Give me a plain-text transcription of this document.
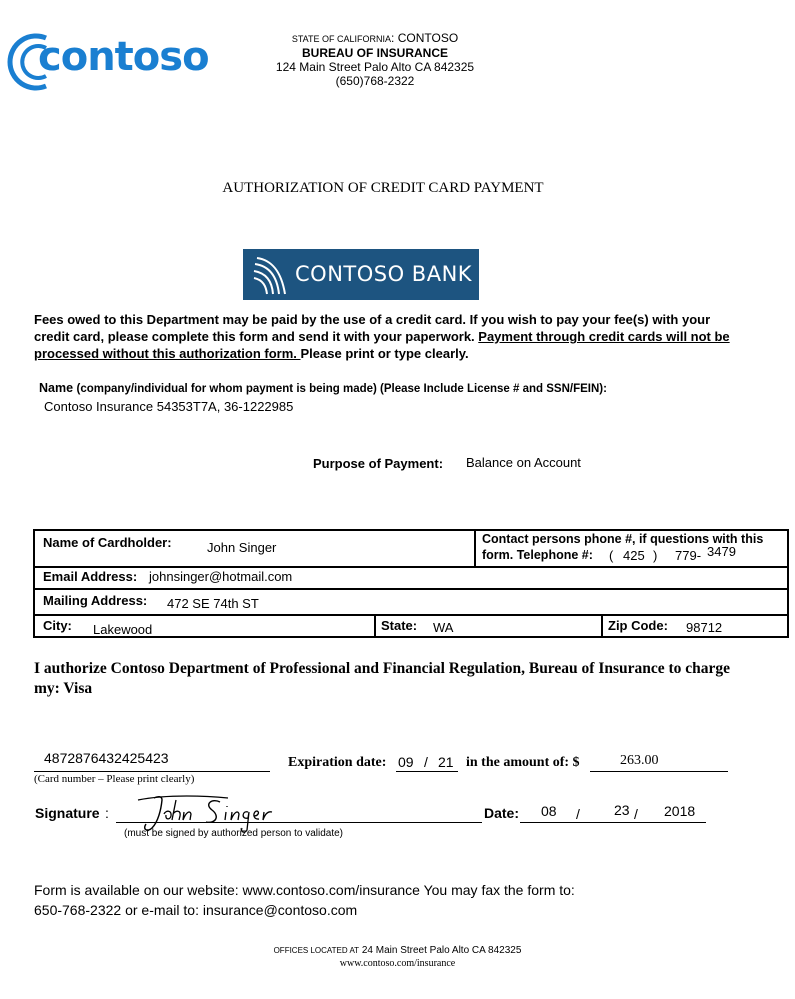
contoso	STATE OF CALIFORNIA: CONTOSO
BUREAU OF INSURANCE
124 Main Street Palo Alto CA 842325
(650)768-2322
AUTHORIZATION OF CREDIT CARD PAYMENT
CONTOSO BANK
Fees owed to this Department may be paid by the use of a credit card. If you wish to pay your fee(s) with your credit card, please complete this form and send it with your paperwork. Payment through credit cards will not be processed without this authorization form. Please print or type clearly.
Name (company/individual for whom payment is being made) (Please Include License # and SSN/FEIN):
Contoso Insurance 54353T7A, 36-1222985
Purpose of Payment: Balance on Account
Name of Cardholder:	John Singer
Contact persons phone #, if questions with this
form. Telephone #: ( 425 ) 779- 3479
Email Address: johnsinger@hotmail.com
Mailing Address: 472 SE 74th ST
City: Lakewood	State: WA	Zip Code: 98712
I authorize Contoso Department of Professional and Financial Regulation, Bureau of Insurance to charge my: Visa
4872876432425423
(Card number – Please print clearly)
Expiration date: 09 / 21 in the amount of: $	263.00
Signature :
(must be signed by authorized person to validate)
Date: 08 / 23 / 2018
Form is available on our website: www.contoso.com/insurance You may fax the form to:
650-768-2322 or e-mail to: insurance@contoso.com
OFFICES LOCATED AT 24 Main Street Palo Alto CA 842325
www.contoso.com/insurance
